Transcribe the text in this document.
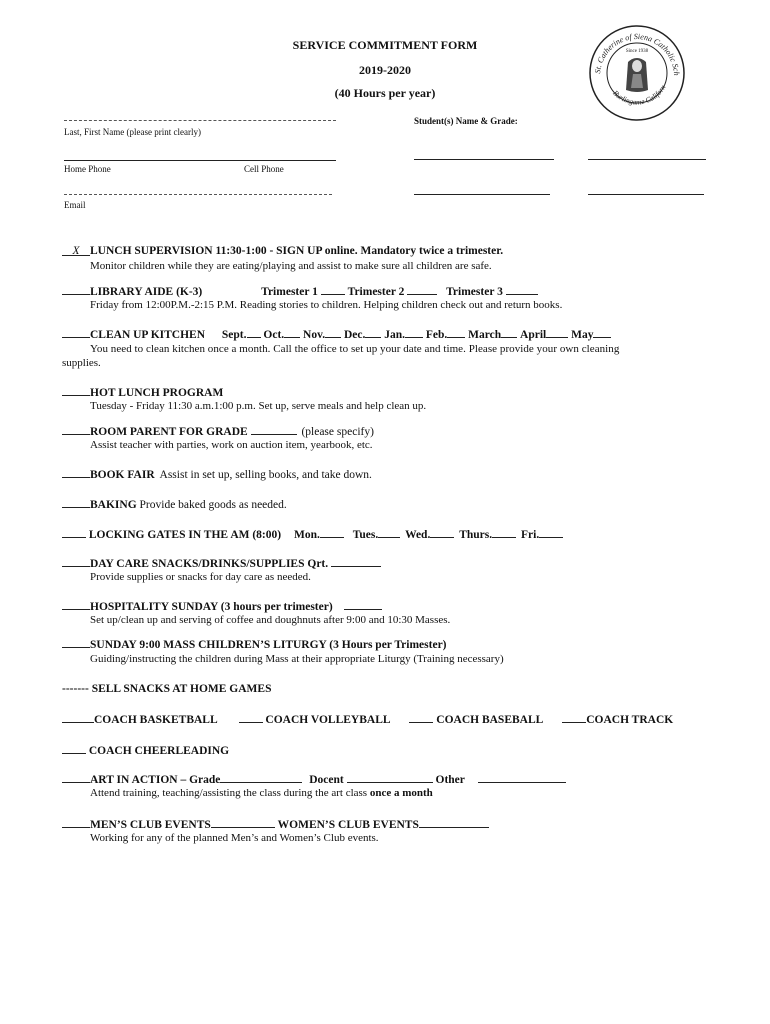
SERVICE COMMITMENT FORM
2019-2020
(40 Hours per year)
St. Catherine of Siena Catholic Sch
Burlingame Californ
Since 1938
Last, First Name (please print clearly)
Home Phone	Cell Phone
Email
Student(s) Name & Grade:
X LUNCH SUPERVISION 11:30-1:00 - SIGN UP online. Mandatory twice a trimester.
Monitor children while they are eating/playing and assist to make sure all children are safe.
LIBRARY AIDE (K-3)	Trimester 1	Trimester 2	Trimester 3
Friday from 12:00P.M.-2:15 P.M. Reading stories to children. Helping children check out and return books.
CLEAN UP KITCHEN Sept. Oct. Nov. Dec. Jan. Feb. March April May
You need to clean kitchen once a month. Call the office to set up your date and time. Please provide your own cleaning
supplies.
HOT LUNCH PROGRAM
Tuesday - Friday 11:30 a.m.1:00 p.m. Set up, serve meals and help clean up.
ROOM PARENT FOR GRADE	(please specify)
Assist teacher with parties, work on auction item, yearbook, etc.
BOOK FAIR Assist in set up, selling books, and take down.
BAKING Provide baked goods as needed.
LOCKING GATES IN THE AM (8:00) Mon.	Tues. Wed.	Thurs.	Fri.
DAY CARE SNACKS/DRINKS/SUPPLIES Qrt.
Provide supplies or snacks for day care as needed.
HOSPITALITY SUNDAY (3 hours per trimester)
Set up/clean up and serving of coffee and doughnuts after 9:00 and 10:30 Masses.
SUNDAY 9:00 MASS CHILDREN’S LITURGY (3 Hours per Trimester)
Guiding/instructing the children during Mass at their appropriate Liturgy (Training necessary)
------- SELL SNACKS AT HOME GAMES
COACH BASKETBALL	COACH VOLLEYBALL	COACH BASEBALL	COACH TRACK
COACH CHEERLEADING
ART IN ACTION – Grade	Docent	Other
Attend training, teaching/assisting the class during the art class once a month
MEN’S CLUB EVENTS	WOMEN’S CLUB EVENTS
Working for any of the planned Men’s and Women’s Club events.
